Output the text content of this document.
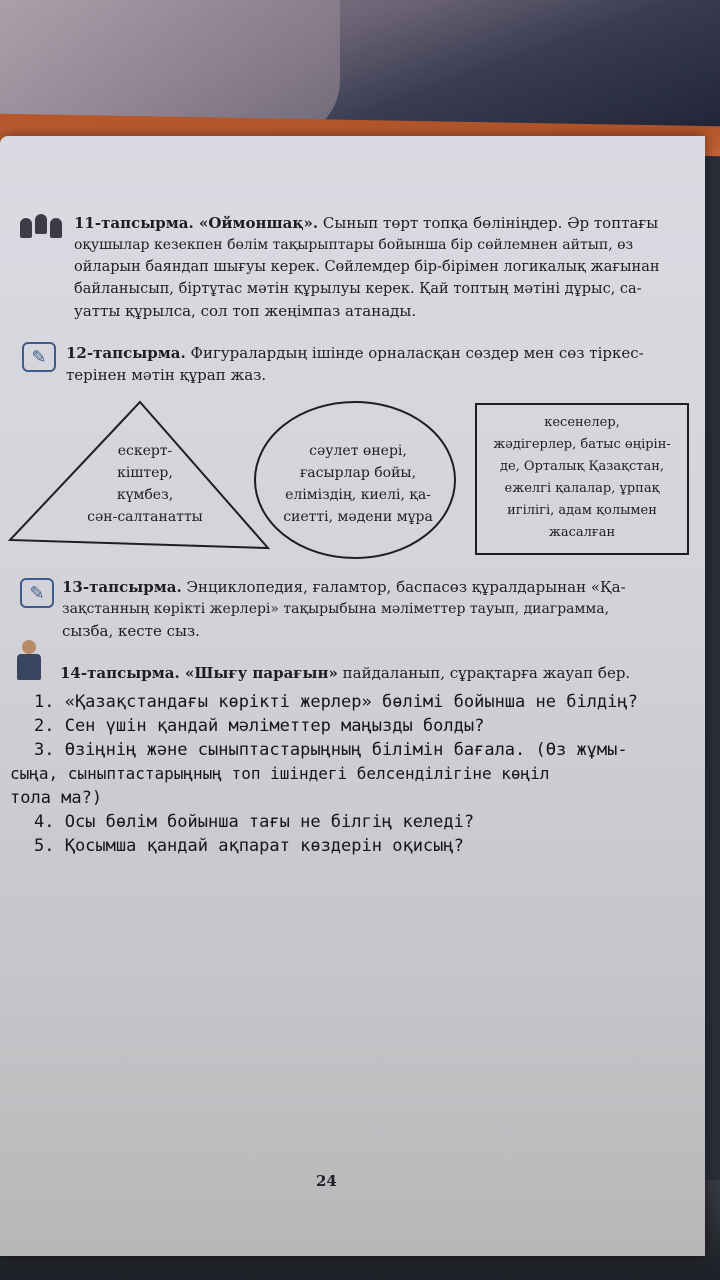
11-тапсырма. «Оймоншақ». Сынып төрт топқа бөлініңдер. Әр топтағы
оқушылар кезекпен бөлім тақырыптары бойынша бір сөйлемнен айтып, өз
ойларын баяндап шығуы керек. Сөйлемдер бір-бірімен логикалық жағынан
байланысып, біртұтас мәтін құрылуы керек. Қай топтың мәтіні дұрыс, са-
уатты құрылса, сол топ жеңімпаз атанады.
✎	12-тапсырма. Фигуралардың ішінде орналасқан сөздер мен сөз тіркес-
терінен мәтін құрап жаз.
ескерт-
кіштер,
күмбез,
сән-салтанатты
сәулет өнері,
ғасырлар бойы,
еліміздің, киелі, қа-
сиетті, мәдени мұра
кесенелер,
жәдігерлер, батыс өңірін-
де, Орталық Қазақстан,
ежелгі қалалар, ұрпақ
игілігі, адам қолымен
жасалған
✎	13-тапсырма. Энциклопедия, ғаламтор, баспасөз құралдарынан «Қа-
зақстанның көрікті жерлері» тақырыбына мәліметтер тауып, диаграмма,
сызба, кесте сыз.
14-тапсырма. «Шығу парағын» пайдаланып, сұрақтарға жауап бер.
1. «Қазақстандағы көрікті жерлер» бөлімі бойынша не білдің?
2. Сен үшін қандай мәліметтер маңызды болды?
3. Өзіңнің және сыныптастарыңның білімін бағала. (Өз жұмы-
сыңа, сыныптастарыңның топ ішіндегі белсенділігіне көңіл
тола ма?)
4. Осы бөлім бойынша тағы не білгің келеді?
5. Қосымша қандай ақпарат көздерін оқисың?
24
